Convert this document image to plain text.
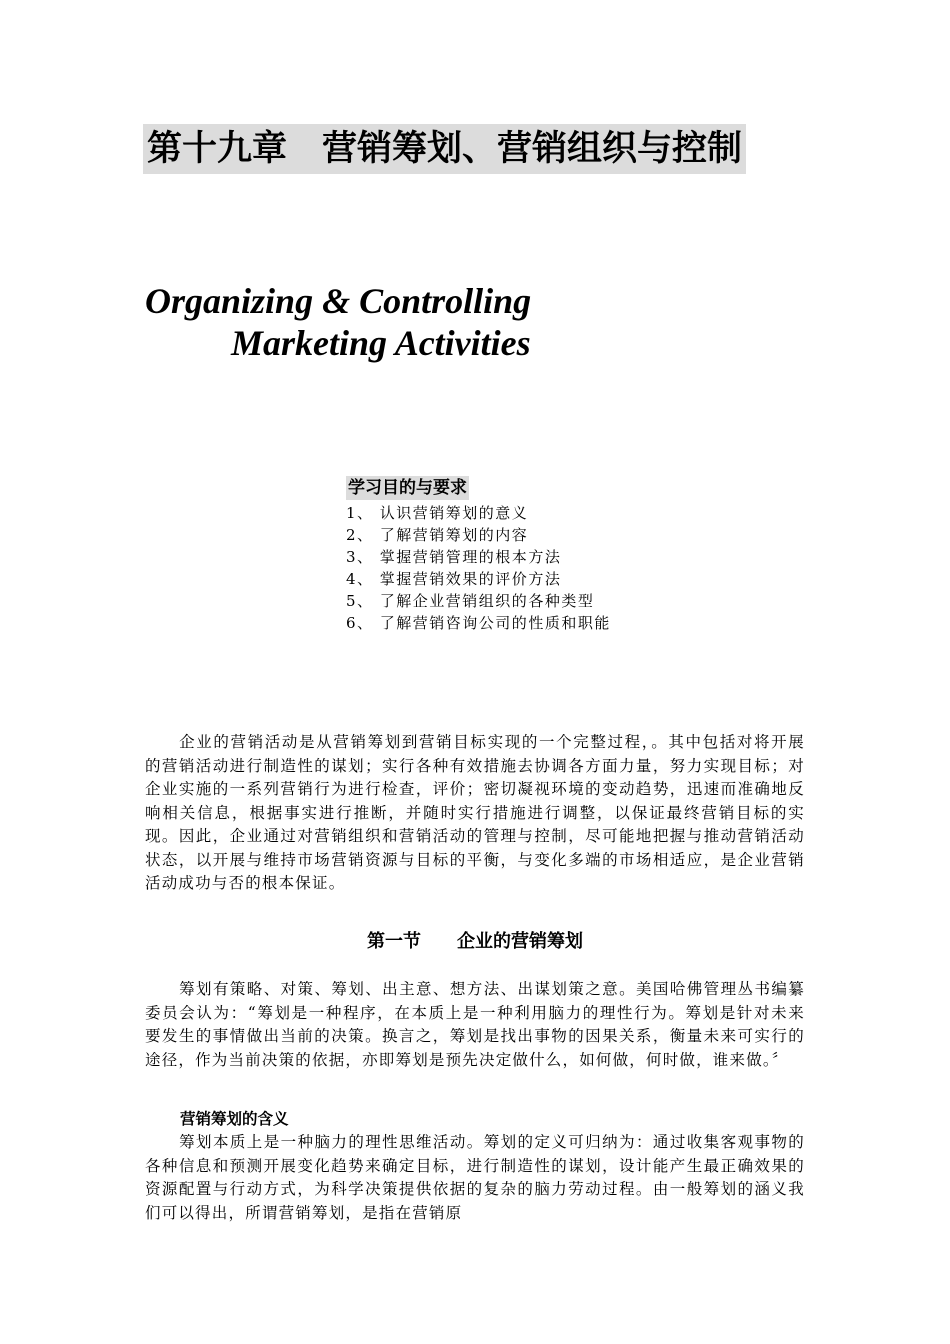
第十九章　营销筹划、营销组织与控制
Organizing & Controlling
Marketing Activities
学习目的与要求
1、 认识营销筹划的意义
2、 了解营销筹划的内容
3、 掌握营销管理的根本方法
4、 掌握营销效果的评价方法
5、 了解企业营销组织的各种类型
6、 了解营销咨询公司的性质和职能

企业的营销活动是从营销筹划到营销目标实现的一个完整过程，。其中包括对将开展的营销活动进行制造性的谋划；实行各种有效措施去协调各方面力量，努力实现目标；对企业实施的一系列营销行为进行检查，评价；密切凝视环境的变动趋势，迅速而准确地反响相关信息，根据事实进行推断，并随时实行措施进行调整，以保证最终营销目标的实现。因此，企业通过对营销组织和营销活动的管理与控制，尽可能地把握与推动营销活动状态，以开展与维持市场营销资源与目标的平衡，与变化多端的市场相适应，是企业营销活动成功与否的根本保证。

第一节　　企业的营销筹划

筹划有策略、对策、筹划、出主意、想方法、出谋划策之意。美国哈佛管理丛书编纂委员会认为：“筹划是一种程序，在本质上是一种利用脑力的理性行为。筹划是针对未来要发生的事情做出当前的决策。换言之，筹划是找出事物的因果关系，衡量未来可实行的途径，作为当前决策的依据，亦即筹划是预先决定做什么，如何做，何时做，谁来做。〞

营销筹划的含义

筹划本质上是一种脑力的理性思维活动。筹划的定义可归纳为：通过收集客观事物的各种信息和预测开展变化趋势来确定目标，进行制造性的谋划，设计能产生最正确效果的资源配置与行动方式，为科学决策提供依据的复杂的脑力劳动过程。由一般筹划的涵义我们可以得出，所谓营销筹划，是指在营销原
